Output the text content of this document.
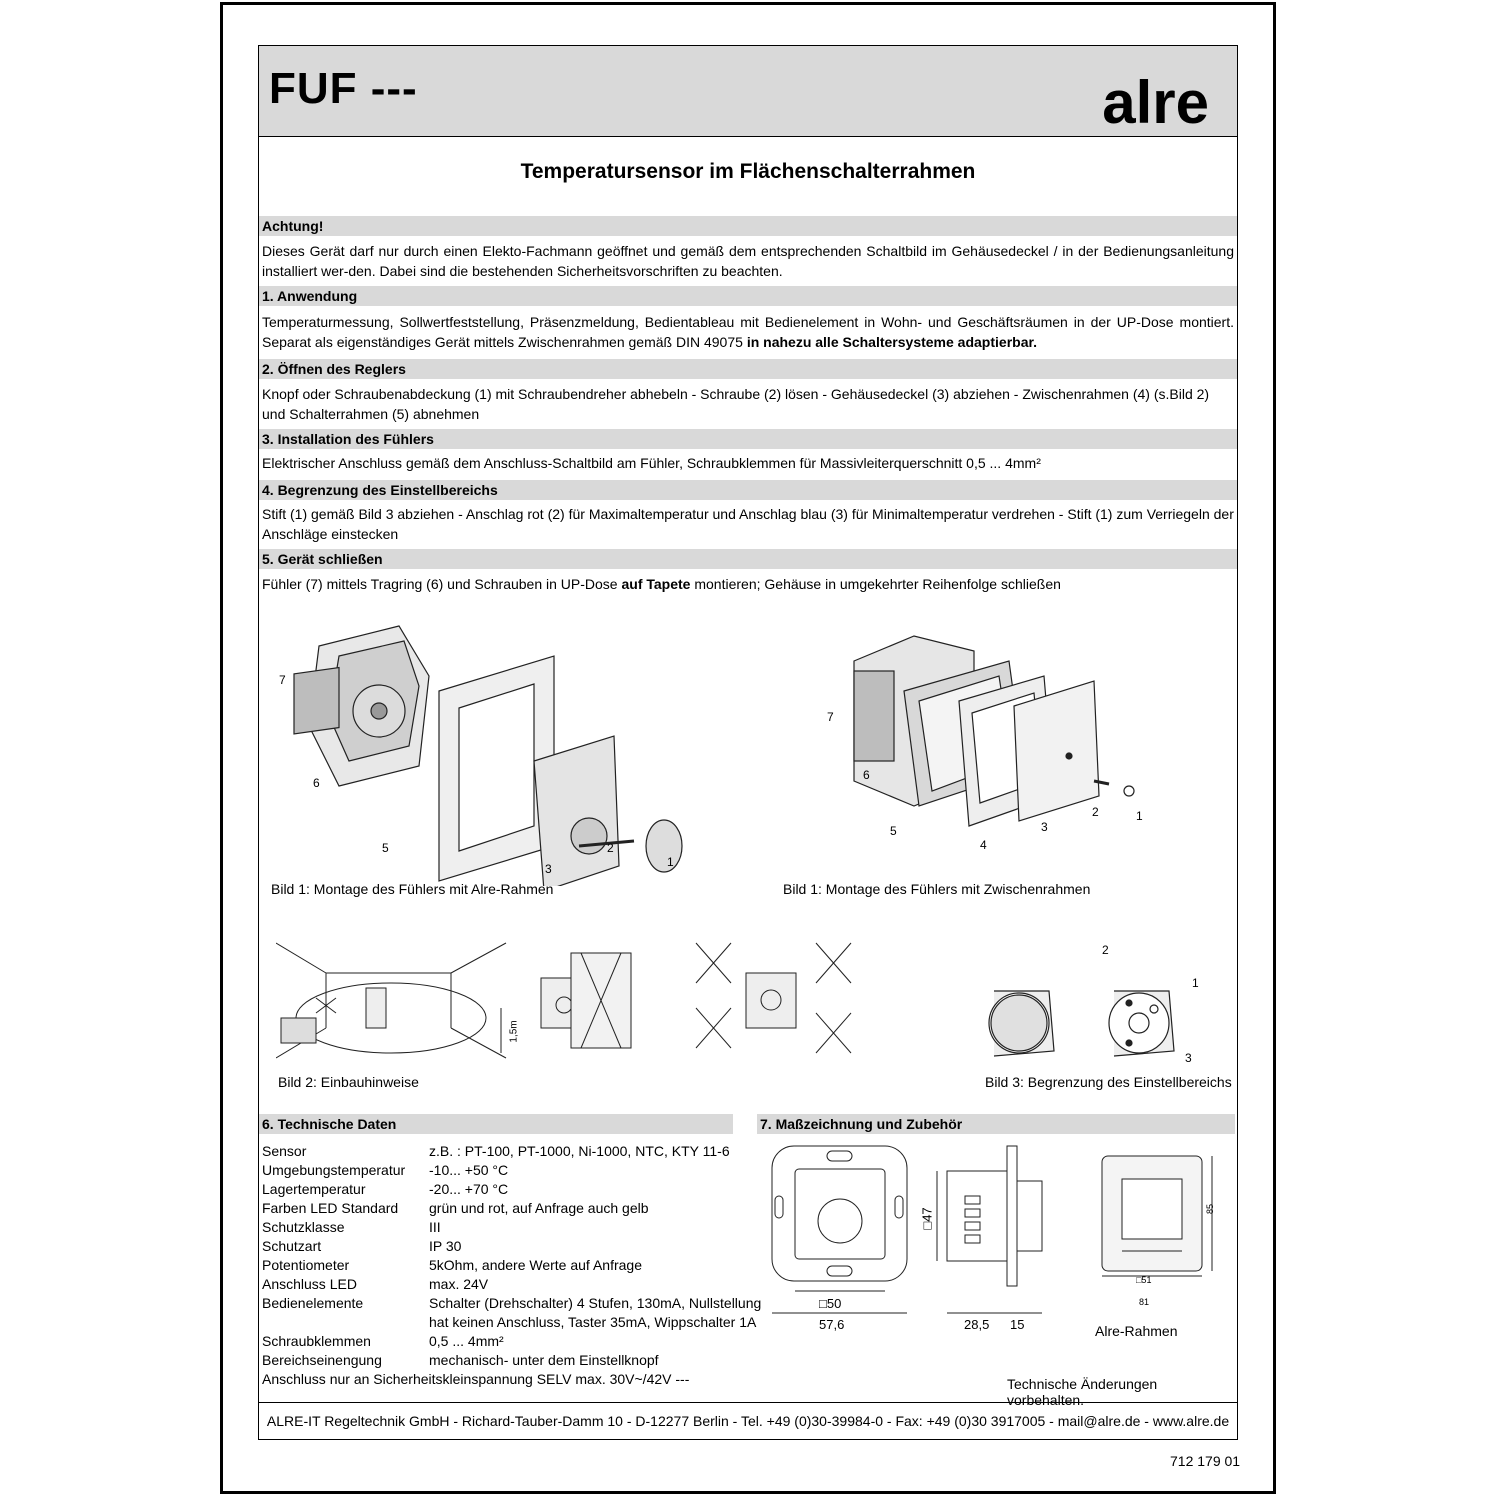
FUF ---	alre
Temperatursensor im Flächenschalterrahmen
Achtung!
Dieses Gerät darf nur durch einen Elekto-Fachmann geöffnet und gemäß dem entsprechenden Schaltbild im Gehäusedeckel / in der Bedienungsanleitung installiert wer-den. Dabei sind die bestehenden Sicherheitsvorschriften zu beachten.
1. Anwendung
Temperaturmessung, Sollwertfeststellung, Präsenzmeldung, Bedientableau mit Bedienelement in Wohn- und Geschäftsräumen in der UP-Dose montiert. Separat als eigenständiges Gerät mittels Zwischenrahmen gemäß DIN 49075 in nahezu alle Schaltersysteme adaptierbar.
2. Öffnen des Reglers
Knopf oder Schraubenabdeckung (1) mit Schraubendreher abhebeln - Schraube (2) lösen - Gehäusedeckel (3) abziehen - Zwischenrahmen (4) (s.Bild 2) und Schalterrahmen (5) abnehmen
3. Installation des Fühlers
Elektrischer Anschluss gemäß dem Anschluss-Schaltbild am Fühler, Schraubklemmen für Massivleiterquerschnitt 0,5 ... 4mm²
4. Begrenzung des Einstellbereichs
Stift (1) gemäß Bild 3 abziehen - Anschlag rot (2) für Maximaltemperatur und Anschlag blau (3) für Minimaltemperatur verdrehen - Stift (1) zum Verriegeln der Anschläge einstecken
5. Gerät schließen
Fühler (7) mittels Tragring (6) und Schrauben in UP-Dose auf Tapete montieren; Gehäuse in umgekehrter Reihenfolge schließen
7
6
5
3
2
1
Bild 1: Montage des Fühlers mit Alre-Rahmen
7
6
5
4
3
2	1
Bild 1: Montage des Fühlers mit Zwischenrahmen
1,5m
Bild 2: Einbauhinweise
2
1
3
Bild 3: Begrenzung des Einstellbereichs
6. Technische Daten
Sensor	z.B. : PT-100, PT-1000, Ni-1000, NTC, KTY 11-6
Umgebungstemperatur -10... +50 °C
Lagertemperatur	-20... +70 °C
Farben LED Standard grün und rot, auf Anfrage auch gelb
Schutzklasse	III
Schutzart	IP 30
Potentiometer	5kOhm, andere Werte auf Anfrage
Anschluss LED	max. 24V
Bedienelemente	Schalter (Drehschalter) 4 Stufen, 130mA, Nullstellung
hat keinen Anschluss, Taster 35mA, Wippschalter 1A
Schraubklemmen	0,5 ... 4mm²
Bereichseinengung	mechanisch- unter dem Einstellknopf
Anschluss nur an Sicherheitskleinspannung SELV max. 30V~/42V ---
7. Maßzeichnung und Zubehör
□50
57,6
□47
28,5 15
85
□51
81
Alre-Rahmen
Technische Änderungen vorbehalten.
ALRE-IT Regeltechnik GmbH - Richard-Tauber-Damm 10 - D-12277 Berlin - Tel. +49 (0)30-39984-0 - Fax: +49 (0)30 3917005 - mail@alre.de - www.alre.de
712 179 01
